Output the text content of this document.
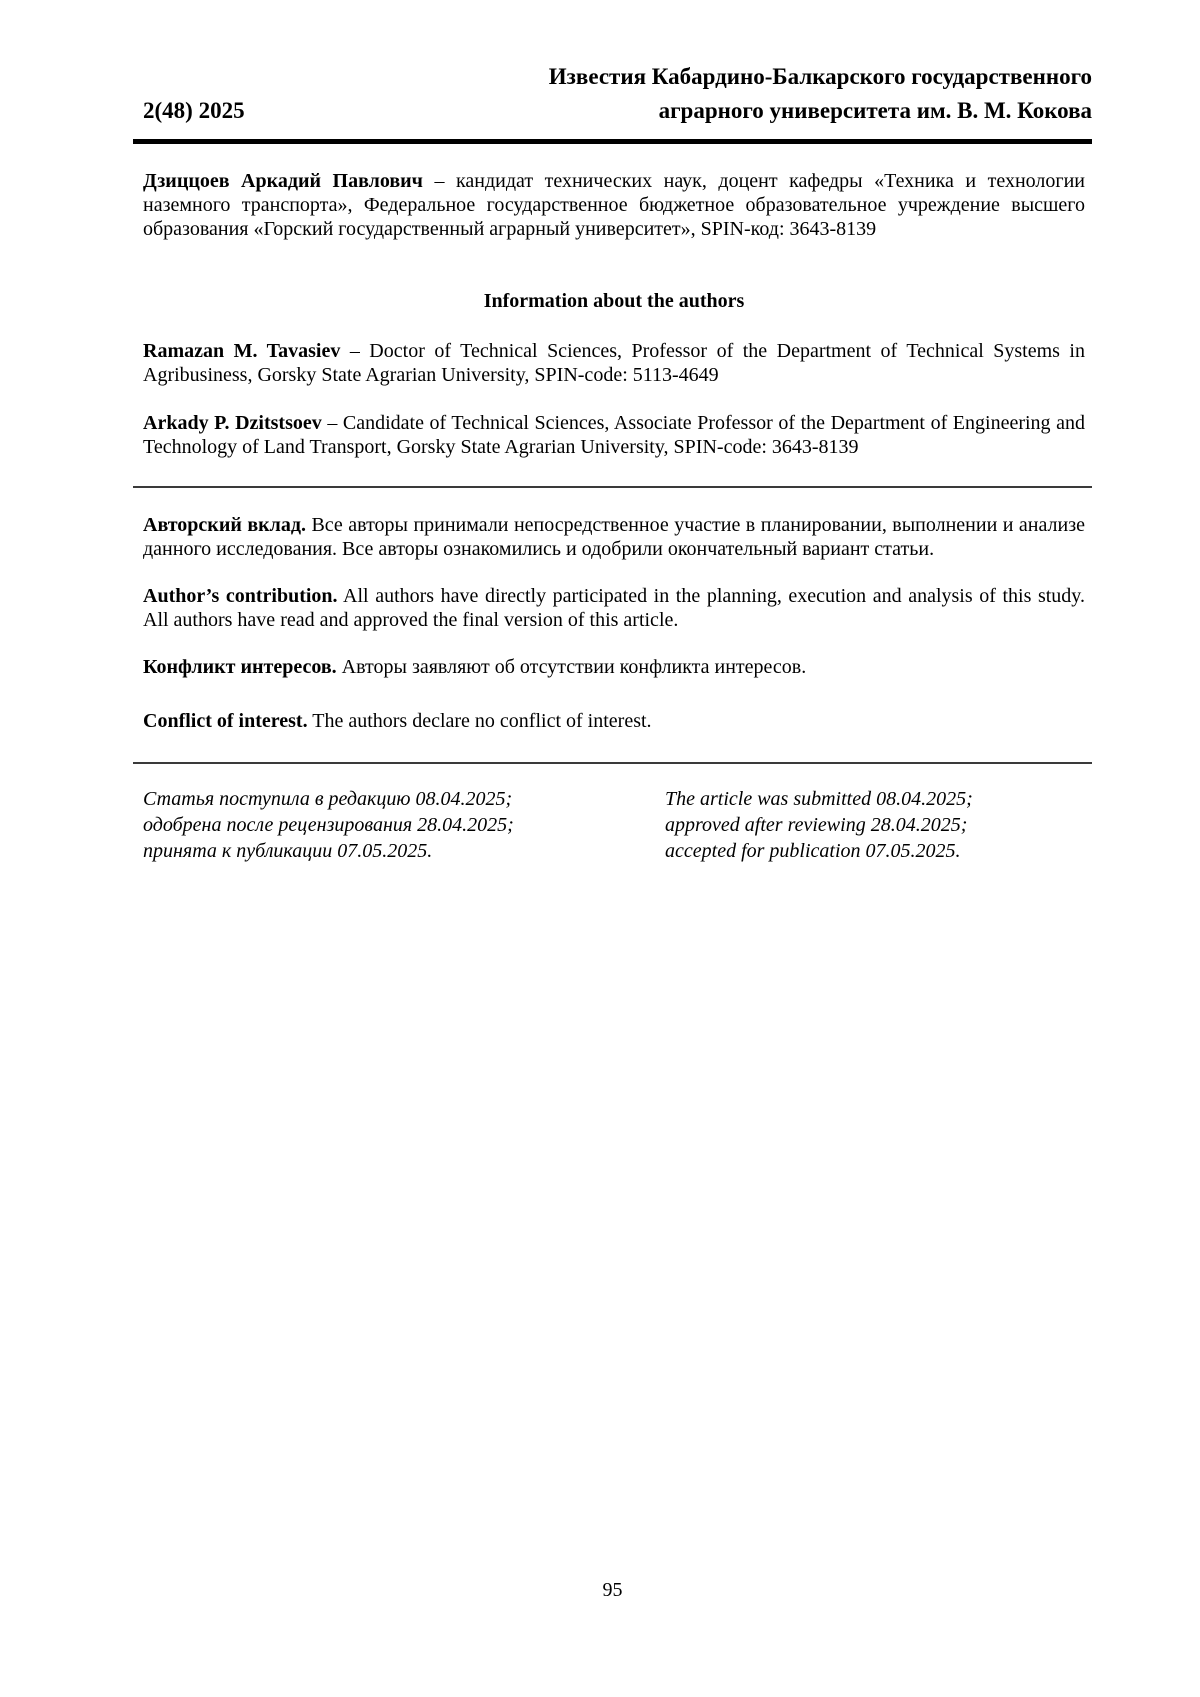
2(48) 2025
Известия Кабардино-Балкарского государственного
аграрного университета им. В. М. Кокова

Дзиццоев Аркадий Павлович – кандидат технических наук, доцент кафедры «Техника и технологии наземного транспорта», Федеральное государственное бюджетное образовательное учреждение высшего образования «Горский государственный аграрный университет», SPIN-код: 3643-8139

Information about the authors

Ramazan M. Tavasiev – Doctor of Technical Sciences, Professor of the Department of Technical Systems in Agribusiness, Gorsky State Agrarian University, SPIN-code: 5113-4649

Arkady P. Dzitstsoev – Candidate of Technical Sciences, Associate Professor of the Department of Engineering and Technology of Land Transport, Gorsky State Agrarian University, SPIN-code: 3643-8139

Авторский вклад. Все авторы принимали непосредственное участие в планировании, выполнении и анализе данного исследования. Все авторы ознакомились и одобрили окончательный вариант статьи.

Author’s contribution. All authors have directly participated in the planning, execution and analysis of this study. All authors have read and approved the final version of this article.

Конфликт интересов. Авторы заявляют об отсутствии конфликта интересов.

Conflict of interest. The authors declare no conflict of interest.

Статья поступила в редакцию 08.04.2025;
одобрена после рецензирования 28.04.2025;
принята к публикации 07.05.2025.
The article was submitted 08.04.2025;
approved after reviewing 28.04.2025;
accepted for publication 07.05.2025.
95
